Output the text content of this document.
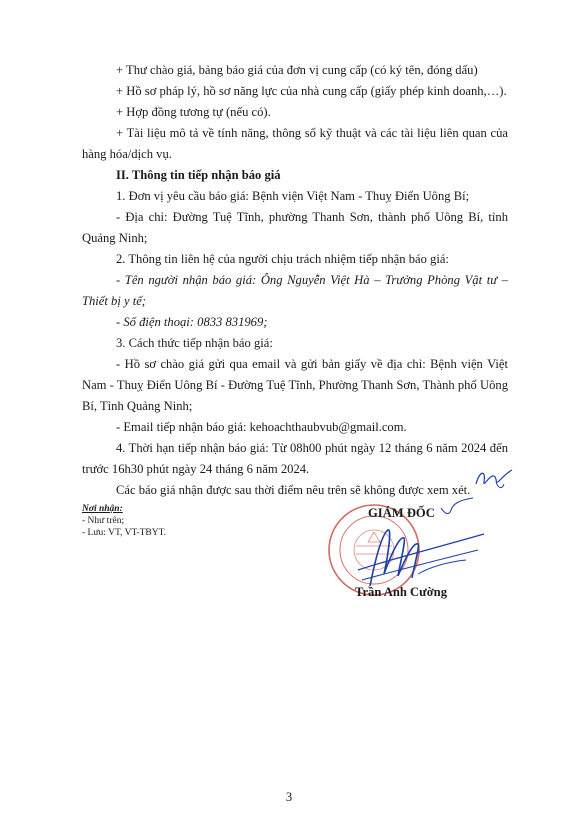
+ Thư chào giá, bảng báo giá của đơn vị cung cấp (có ký tên, đóng dấu)

+ Hồ sơ pháp lý, hồ sơ năng lực của nhà cung cấp (giấy phép kinh doanh,…).

+ Hợp đồng tương tự (nếu có).

+ Tài liệu mô tả về tính năng, thông số kỹ thuật và các tài liệu liên quan của hàng hóa/dịch vụ.

II. Thông tin tiếp nhận báo giá

1. Đơn vị yêu cầu báo giá: Bệnh viện Việt Nam - Thuỵ Điển Uông Bí;

- Địa chỉ: Đường Tuệ Tĩnh, phường Thanh Sơn, thành phố Uông Bí, tỉnh Quảng Ninh;

2. Thông tin liên hệ của người chịu trách nhiệm tiếp nhận báo giá:

- Tên người nhận báo giá: Ông Nguyễn Việt Hà – Trưởng Phòng Vật tư – Thiết bị y tế;

- Số điện thoại: 0833 831969;

3. Cách thức tiếp nhận báo giá:

- Hồ sơ chào giá gửi qua email và gửi bản giấy về địa chỉ: Bệnh viện Việt Nam - Thuỵ Điển Uông Bí - Đường Tuệ Tĩnh, Phường Thanh Sơn, Thành phố Uông Bí, Tỉnh Quảng Ninh;

- Email tiếp nhận báo giá: kehoachthaubvub@gmail.com.

4. Thời hạn tiếp nhận báo giá: Từ 08h00 phút ngày 12 tháng 6 năm 2024 đến trước 16h30 phút ngày 24 tháng 6 năm 2024.

Các báo giá nhận được sau thời điểm nêu trên sẽ không được xem xét.

Nơi nhận:
- Như trên;
- Lưu: VT, VT-TBYT.
GIÁM ĐỐC
Trần Anh Cường
3
